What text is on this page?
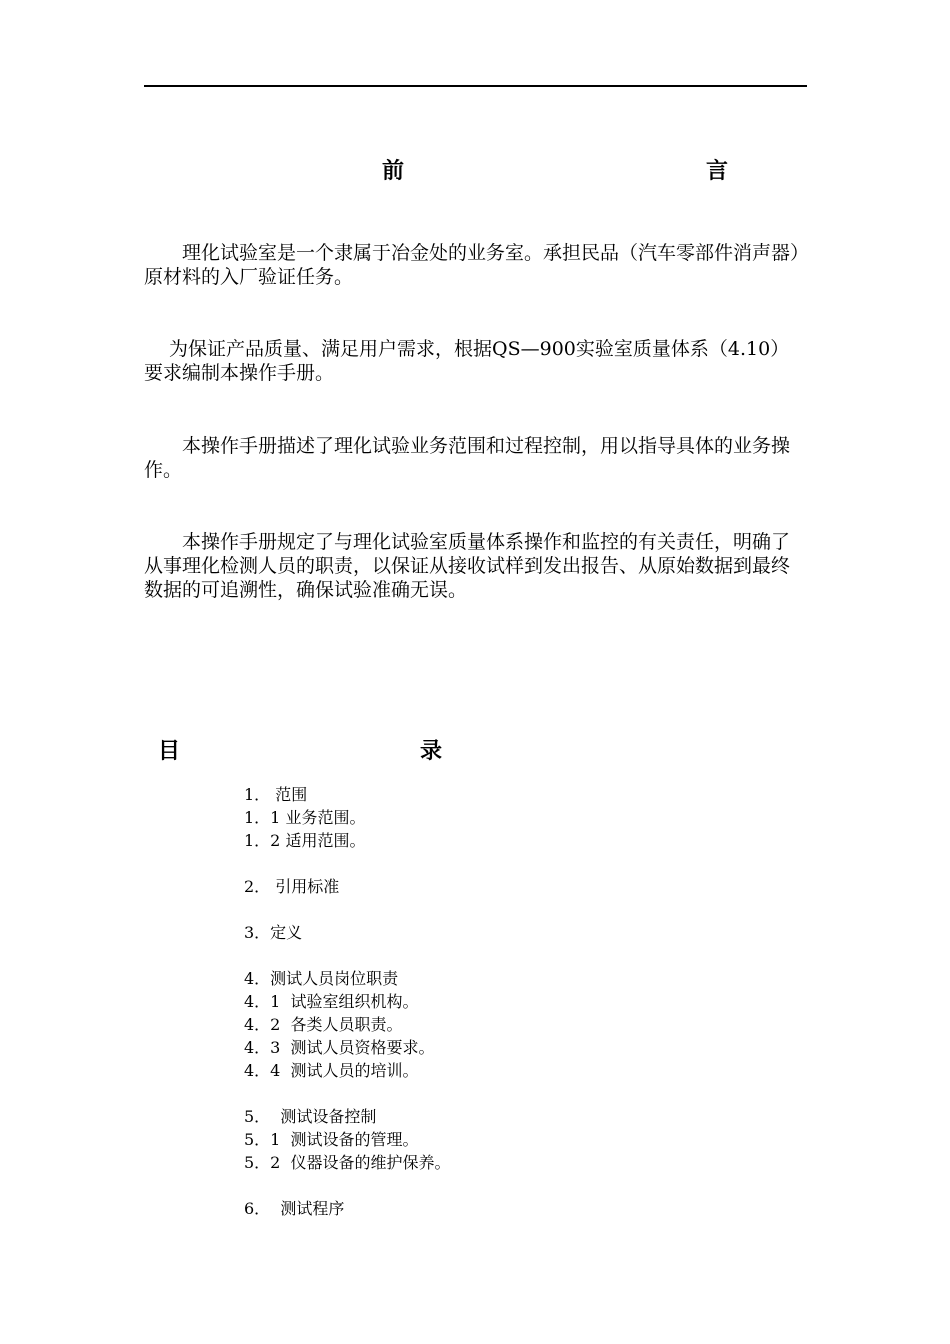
前	言

　　理化试验室是一个隶属于冶金处的业务室。承担民品（汽车零部件消声器）原材料的入厂验证任务。

　 为保证产品质量、满足用户需求，根据QS—900实验室质量体系（4.10）要求编制本操作手册。

　　本操作手册描述了理化试验业务范围和过程控制，用以指导具体的业务操作。

　　本操作手册规定了与理化试验室质量体系操作和监控的有关责任，明确了从事理化检测人员的职责，以保证从接收试样到发出报告、从原始数据到最终数据的可追溯性，确保试验准确无误。

目	录
1． 范围
1．1 业务范围。
1．2 适用范围。
2． 引用标准
3．定义
4．测试人员岗位职责
4．1  试验室组织机构。
4．2  各类人员职责。
4．3  测试人员资格要求。
4．4  测试人员的培训。
5．  测试设备控制
5．1  测试设备的管理。
5．2  仪器设备的维护保养。
6．  测试程序
